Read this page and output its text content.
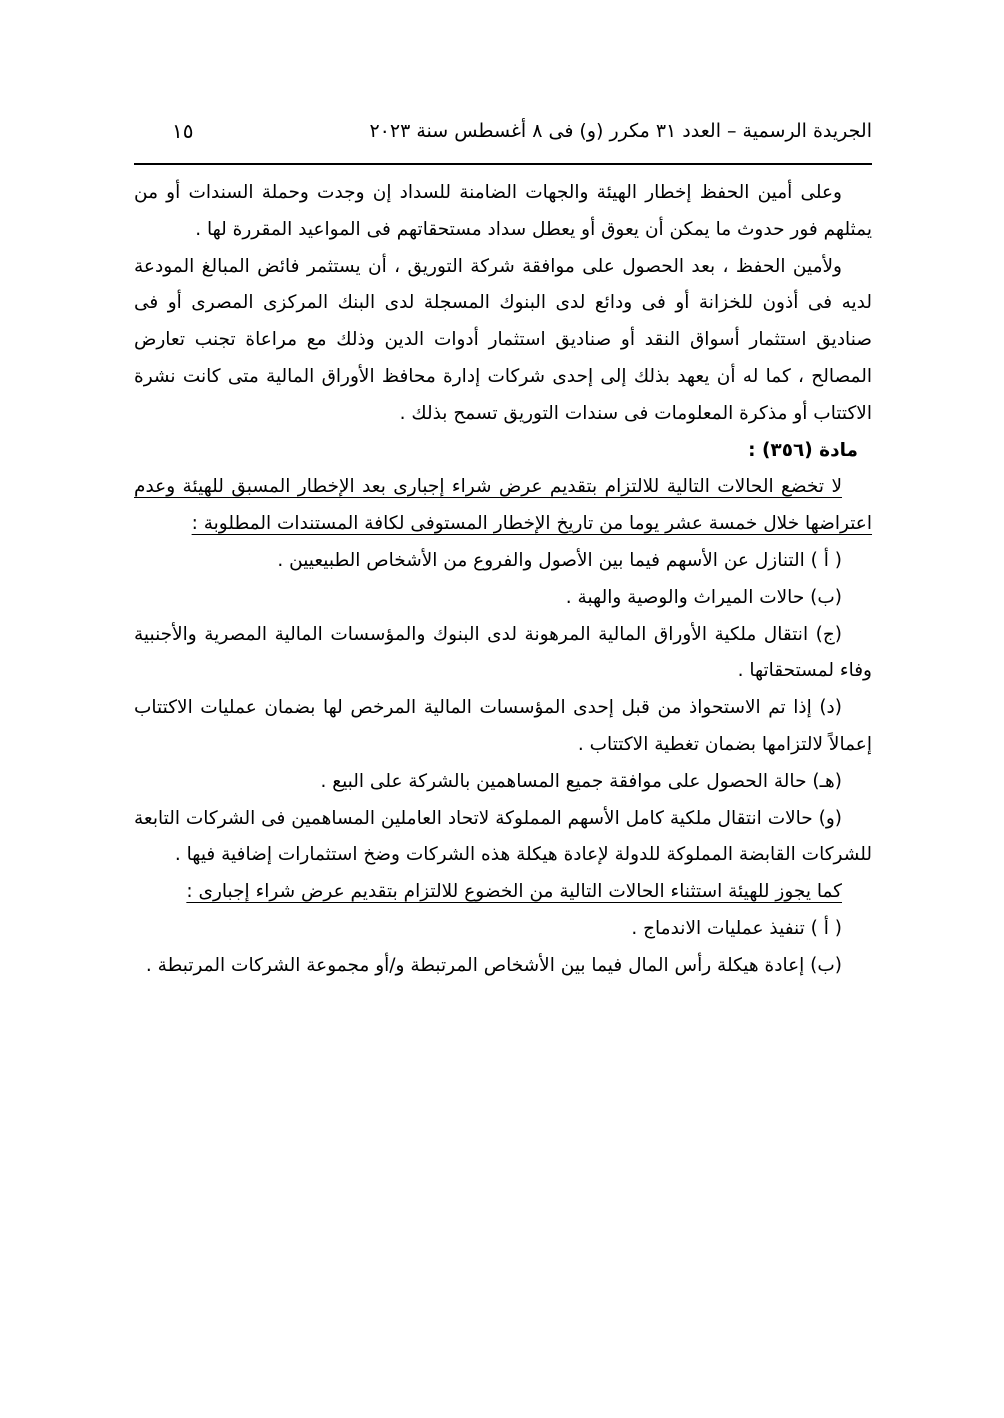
الجريدة الرسمية – العدد ٣١ مكرر (و) فى ٨ أغسطس سنة ٢٠٢٣
١٥

وعلى أمين الحفظ إخطار الهيئة والجهات الضامنة للسداد إن وجدت وحملة السندات أو من يمثلهم فور حدوث ما يمكن أن يعوق أو يعطل سداد مستحقاتهم فى المواعيد المقررة لها .

ولأمين الحفظ ، بعد الحصول على موافقة شركة التوريق ، أن يستثمر فائض المبالغ المودعة لديه فى أذون للخزانة أو فى ودائع لدى البنوك المسجلة لدى البنك المركزى المصرى أو فى صناديق استثمار أسواق النقد أو صناديق استثمار أدوات الدين وذلك مع مراعاة تجنب تعارض المصالح ، كما له أن يعهد بذلك إلى إحدى شركات إدارة محافظ الأوراق المالية متى كانت نشرة الاكتتاب أو مذكرة المعلومات فى سندات التوريق تسمح بذلك .

مادة (٣٥٦) :

لا تخضع الحالات التالية للالتزام بتقديم عرض شراء إجبارى بعد الإخطار المسبق للهيئة وعدم اعتراضها خلال خمسة عشر يوما من تاريخ الإخطار المستوفى لكافة المستندات المطلوبة :

( أ ) التنازل عن الأسهم فيما بين الأصول والفروع من الأشخاص الطبيعيين .

(ب) حالات الميراث والوصية والهبة .

(ج) انتقال ملكية الأوراق المالية المرهونة لدى البنوك والمؤسسات المالية المصرية والأجنبية وفاء لمستحقاتها .

(د) إذا تم الاستحواذ من قبل إحدى المؤسسات المالية المرخص لها بضمان عمليات الاكتتاب إعمالاً لالتزامها بضمان تغطية الاكتتاب .

(هـ) حالة الحصول على موافقة جميع المساهمين بالشركة على البيع .

(و) حالات انتقال ملكية كامل الأسهم المملوكة لاتحاد العاملين المساهمين فى الشركات التابعة للشركات القابضة المملوكة للدولة لإعادة هيكلة هذه الشركات وضخ استثمارات إضافية فيها .

كما يجوز للهيئة استثناء الحالات التالية من الخضوع للالتزام بتقديم عرض شراء إجبارى :

( أ ) تنفيذ عمليات الاندماج .

(ب) إعادة هيكلة رأس المال فيما بين الأشخاص المرتبطة و/أو مجموعة الشركات المرتبطة .
